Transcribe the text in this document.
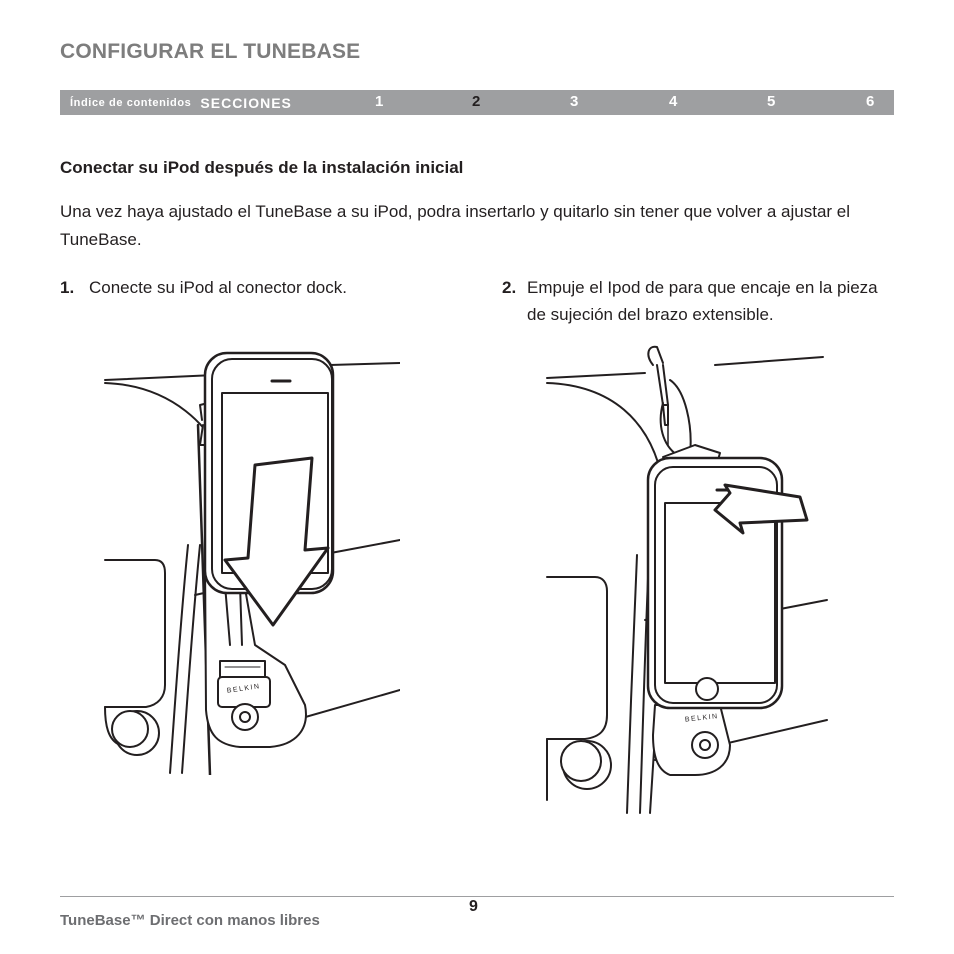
CONFIGURAR EL TUNEBASE
Índice de contenidos SECCIONES	1	2	3	4	5	6
Conectar su iPod después de la instalación inicial
Una vez haya ajustado el TuneBase a su iPod, podra insertarlo y quitarlo sin tener que volver a ajustar el TuneBase.
1. Conecte su iPod al conector dock.	2. Empuje el Ipod de para que encaje en la pieza de sujeción del brazo extensible.
BELKIN
BELKIN
9
TuneBase™ Direct con manos libres
